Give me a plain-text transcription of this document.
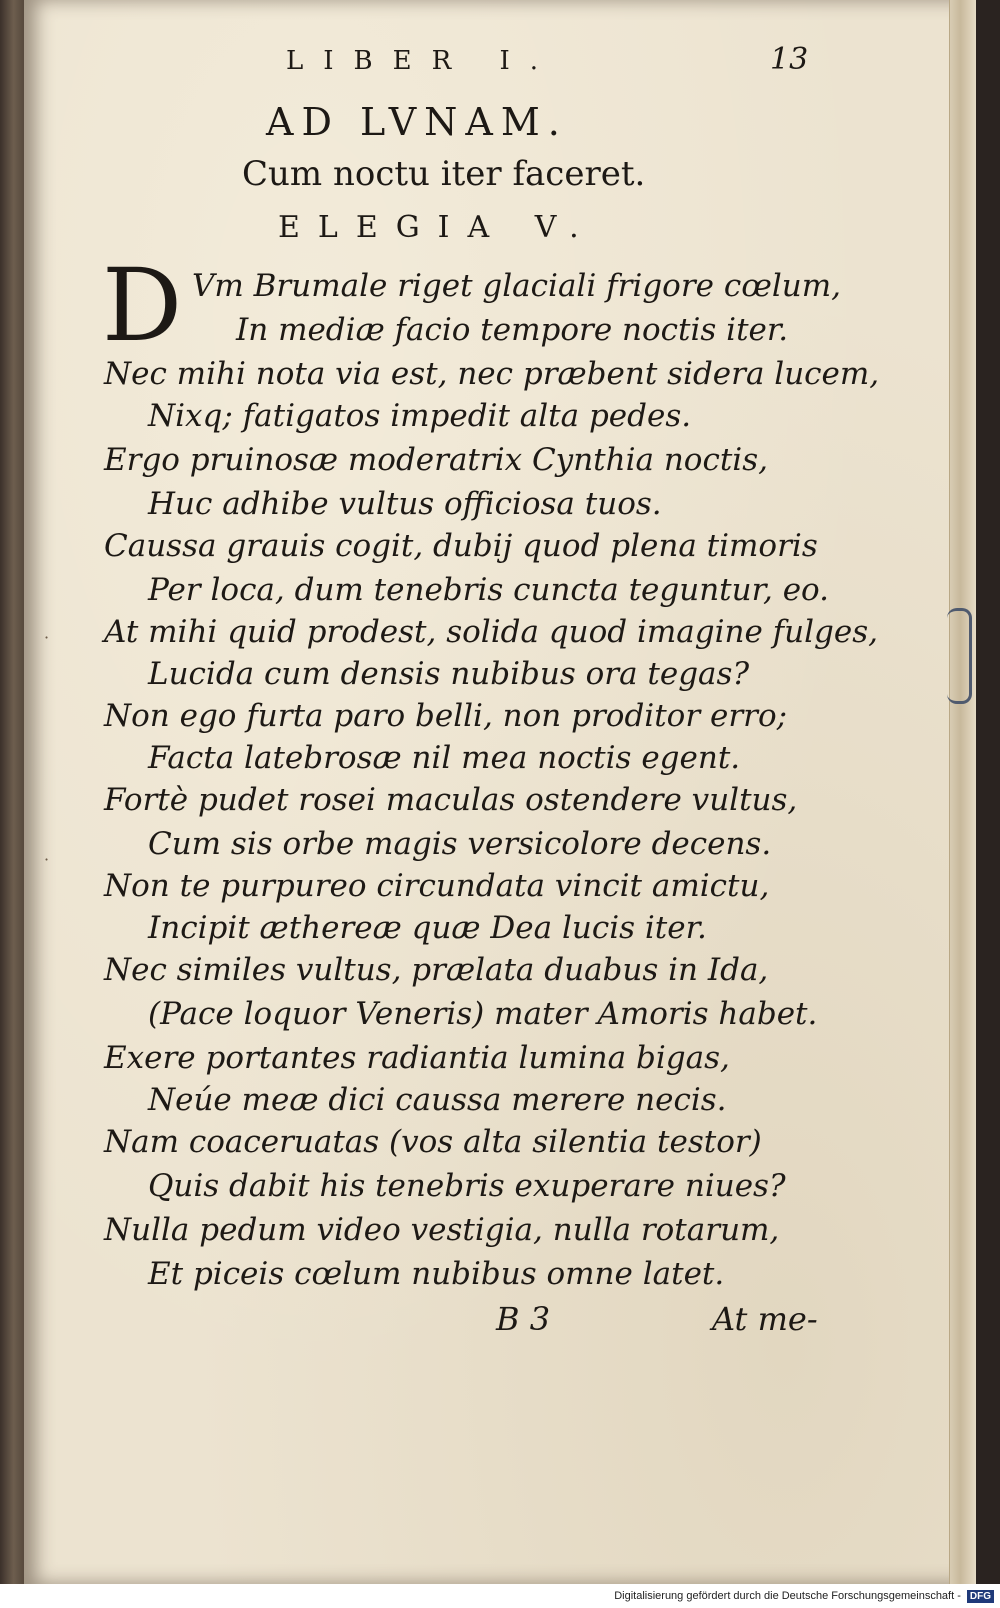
LIBER I.	13
AD LVNAM.
Cum noctu iter faceret.
ELEGIA V.
D Vm Brumale riget glaciali frigore cœlum,
In mediæ facio tempore noctis iter.
Nec mihi nota via est, nec præbent sidera lucem,
Nixq; fatigatos impedit alta pedes.
Ergo pruinosæ moderatrix Cynthia noctis,
Huc adhibe vultus officiosa tuos.
Caussa grauis cogit, dubij quod plena timoris
Per loca, dum tenebris cuncta teguntur, eo.
At mihi quid prodest, solida quod imagine fulges,
Lucida cum densis nubibus ora tegas?
Non ego furta paro belli, non proditor erro;
Facta latebrosæ nil mea noctis egent.
Fortè pudet rosei maculas ostendere vultus,
Cum sis orbe magis versicolore decens.
Non te purpureo circundata vincit amictu,
Incipit æthereæ quæ Dea lucis iter.
Nec similes vultus, prælata duabus in Ida,
(Pace loquor Veneris) mater Amoris habet.
Exere portantes radiantia lumina bigas,
Neúe meæ dici caussa merere necis.
Nam coaceruatas (vos alta silentia testor)
Quis dabit his tenebris exuperare niues?
Nulla pedum video vestigia, nulla rotarum,
Et piceis cœlum nubibus omne latet.
B 3	At me-
·
·
Digitalisierung gefördert durch die Deutsche Forschungsgemeinschaft - DFG
